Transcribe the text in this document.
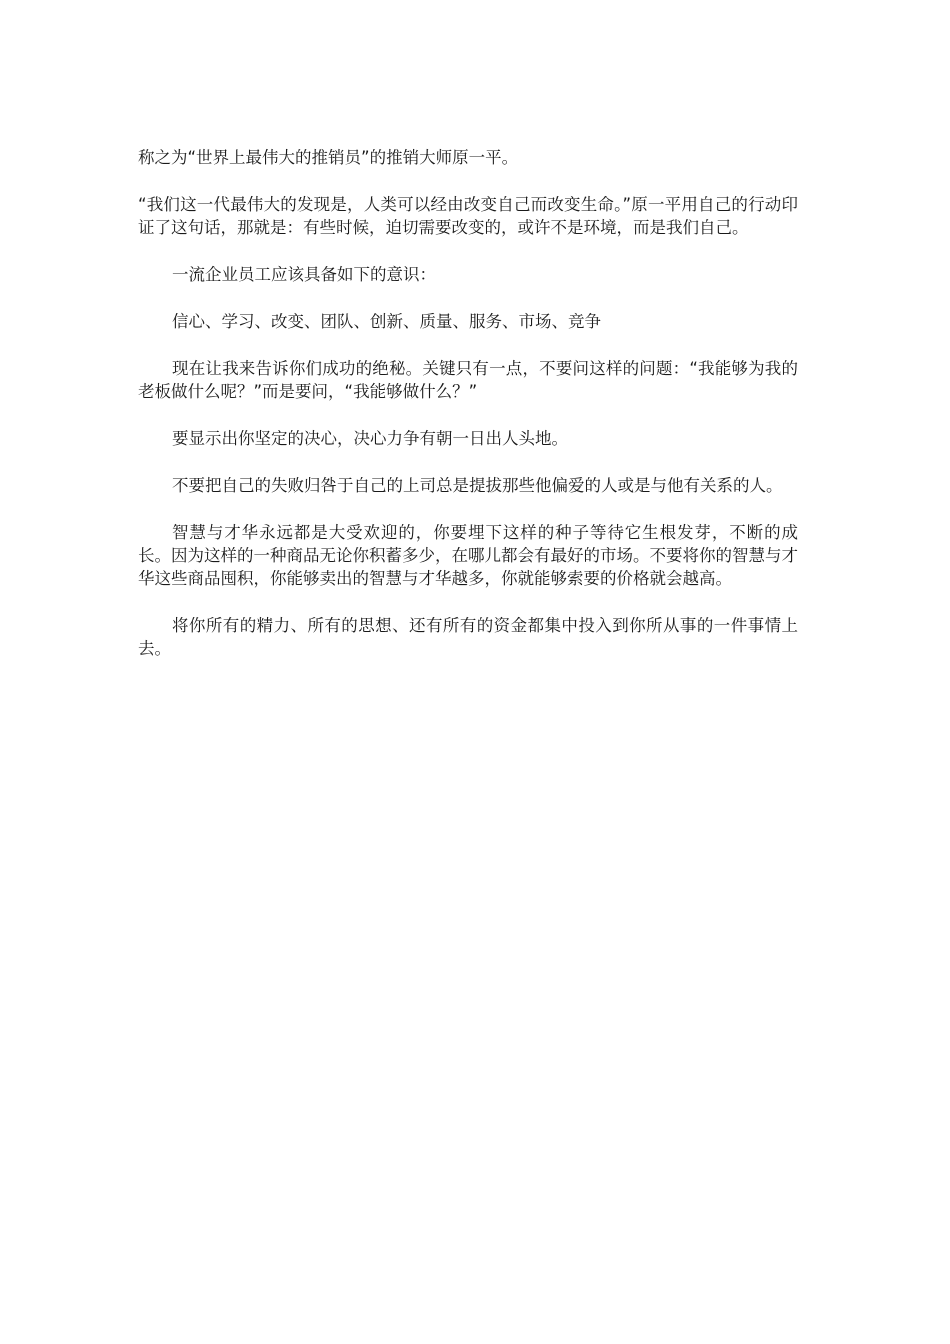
称之为“世界上最伟大的推销员”的推销大师原一平。

“我们这一代最伟大的发现是，人类可以经由改变自己而改变生命。”原一平用自己的行动印证了这句话，那就是：有些时候，迫切需要改变的，或许不是环境，而是我们自己。

一流企业员工应该具备如下的意识：

信心、学习、改变、团队、创新、质量、服务、市场、竞争

现在让我来告诉你们成功的绝秘。关键只有一点，不要问这样的问题：“我能够为我的老板做什么呢？”而是要问，“我能够做什么？”

要显示出你坚定的决心，决心力争有朝一日出人头地。

不要把自己的失败归咎于自己的上司总是提拔那些他偏爱的人或是与他有关系的人。

智慧与才华永远都是大受欢迎的，你要埋下这样的种子等待它生根发芽，不断的成长。因为这样的一种商品无论你积蓄多少，在哪儿都会有最好的市场。不要将你的智慧与才华这些商品囤积，你能够卖出的智慧与才华越多，你就能够索要的价格就会越高。

将你所有的精力、所有的思想、还有所有的资金都集中投入到你所从事的一件事情上去。
